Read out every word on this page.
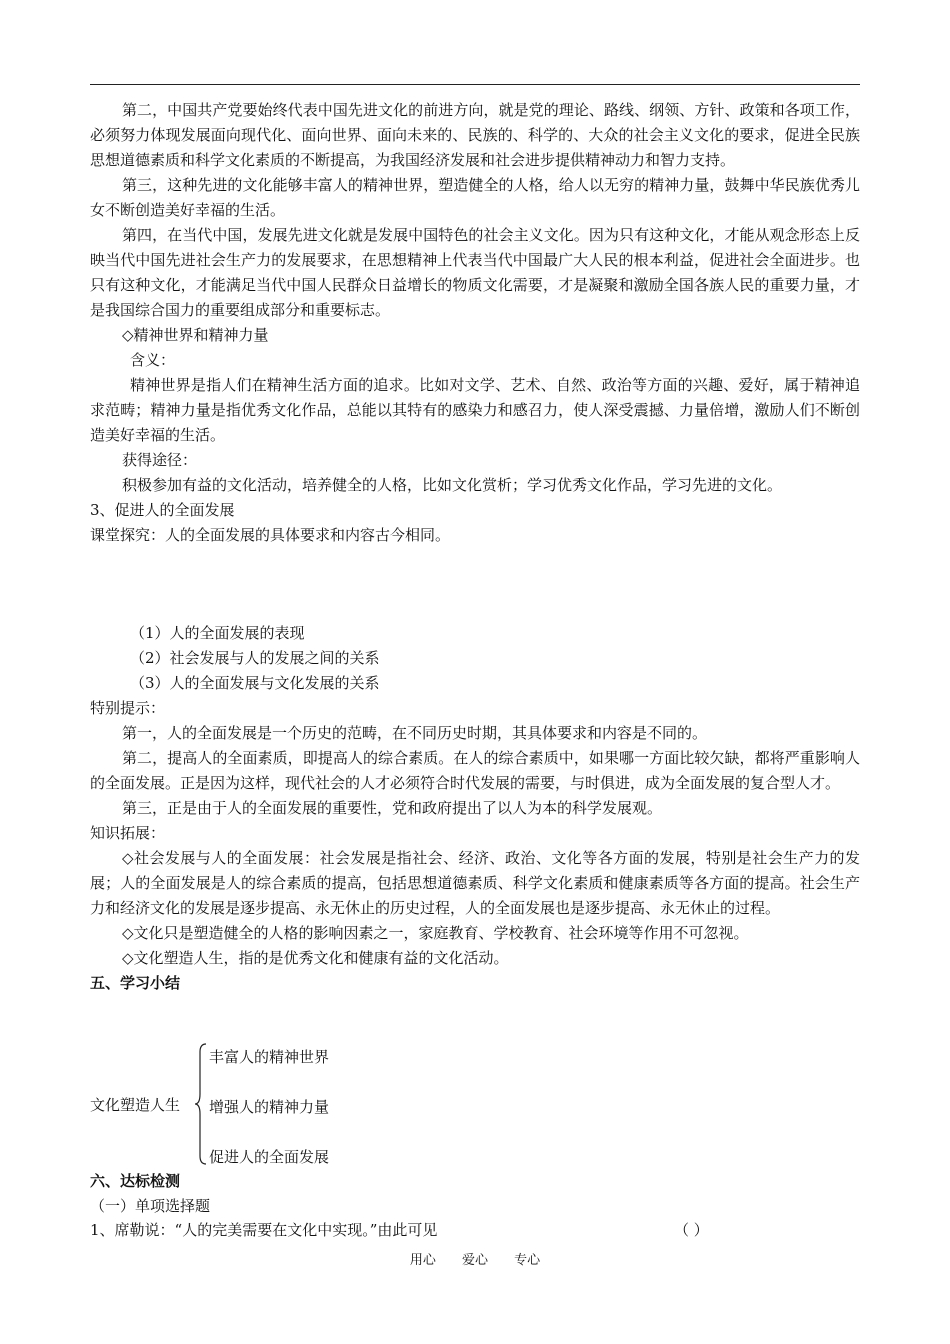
第二，中国共产党要始终代表中国先进文化的前进方向，就是党的理论、路线、纲领、方针、政策和各项工作，必须努力体现发展面向现代化、面向世界、面向未来的、民族的、科学的、大众的社会主义文化的要求，促进全民族思想道德素质和科学文化素质的不断提高，为我国经济发展和社会进步提供精神动力和智力支持。

第三，这种先进的文化能够丰富人的精神世界，塑造健全的人格，给人以无穷的精神力量，鼓舞中华民族优秀儿女不断创造美好幸福的生活。

第四，在当代中国，发展先进文化就是发展中国特色的社会主义文化。因为只有这种文化，才能从观念形态上反映当代中国先进社会生产力的发展要求，在思想精神上代表当代中国最广大人民的根本利益，促进社会全面进步。也只有这种文化，才能满足当代中国人民群众日益增长的物质文化需要，才是凝聚和激励全国各族人民的重要力量，才是我国综合国力的重要组成部分和重要标志。

◇精神世界和精神力量

含义：

精神世界是指人们在精神生活方面的追求。比如对文学、艺术、自然、政治等方面的兴趣、爱好，属于精神追求范畴；精神力量是指优秀文化作品，总能以其特有的感染力和感召力，使人深受震撼、力量倍增，激励人们不断创造美好幸福的生活。

获得途径：

积极参加有益的文化活动，培养健全的人格，比如文化赏析；学习优秀文化作品，学习先进的文化。

3、促进人的全面发展

课堂探究：人的全面发展的具体要求和内容古今相同。

（1）人的全面发展的表现

（2）社会发展与人的发展之间的关系

（3）人的全面发展与文化发展的关系

特别提示：

第一，人的全面发展是一个历史的范畴，在不同历史时期，其具体要求和内容是不同的。

第二，提高人的全面素质，即提高人的综合素质。在人的综合素质中，如果哪一方面比较欠缺，都将严重影响人的全面发展。正是因为这样，现代社会的人才必须符合时代发展的需要，与时俱进，成为全面发展的复合型人才。

第三，正是由于人的全面发展的重要性，党和政府提出了以人为本的科学发展观。

知识拓展：

◇社会发展与人的全面发展：社会发展是指社会、经济、政治、文化等各方面的发展，特别是社会生产力的发展；人的全面发展是人的综合素质的提高，包括思想道德素质、科学文化素质和健康素质等各方面的提高。社会生产力和经济文化的发展是逐步提高、永无休止的历史过程，人的全面发展也是逐步提高、永无休止的过程。

◇文化只是塑造健全的人格的影响因素之一，家庭教育、学校教育、社会环境等作用不可忽视。

◇文化塑造人生，指的是优秀文化和健康有益的文化活动。

五、学习小结

文化塑造人生
丰富人的精神世界
增强人的精神力量
促进人的全面发展

六、达标检测

（一）单项选择题

1、席勒说：“人的完美需要在文化中实现。”由此可见	（ ）
用心 爱心 专心
